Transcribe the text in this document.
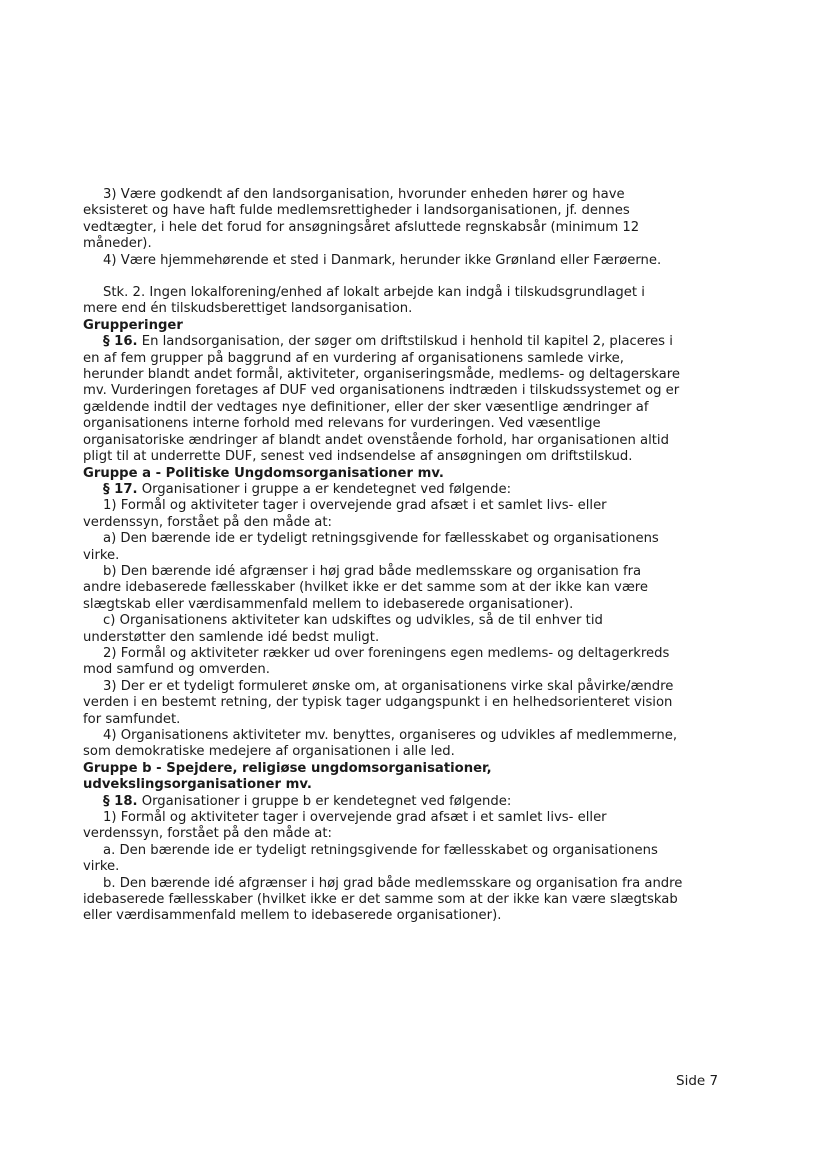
3) Være godkendt af den landsorganisation, hvorunder enheden hører og have eksisteret og have haft fulde medlemsrettigheder i landsorganisationen, jf. dennes vedtægter, i hele det forud for ansøgningsåret afsluttede regnskabsår (minimum 12 måneder).

4) Være hjemmehørende et sted i Danmark, herunder ikke Grønland eller Færøerne.

Stk. 2. Ingen lokalforening/enhed af lokalt arbejde kan indgå i tilskudsgrundlaget i mere end én tilskudsberettiget landsorganisation.

Grupperinger

§ 16. En landsorganisation, der søger om driftstilskud i henhold til kapitel 2, placeres i en af fem grupper på baggrund af en vurdering af organisationens samlede virke, herunder blandt andet formål, aktiviteter, organiseringsmåde, medlems- og deltagerskare mv. Vurderingen foretages af DUF ved organisationens indtræden i tilskudssystemet og er gældende indtil der vedtages nye definitioner, eller der sker væsentlige ændringer af organisationens interne forhold med relevans for vurderingen. Ved væsentlige organisatoriske ændringer af blandt andet ovenstående forhold, har organisationen altid pligt til at underrette DUF, senest ved indsendelse af ansøgningen om driftstilskud.

Gruppe a - Politiske Ungdomsorganisationer mv.

§ 17. Organisationer i gruppe a er kendetegnet ved følgende:

1) Formål og aktiviteter tager i overvejende grad afsæt i et samlet livs- eller verdenssyn, forstået på den måde at:

a) Den bærende ide er tydeligt retningsgivende for fællesskabet og organisationens virke.

b) Den bærende idé afgrænser i høj grad både medlemsskare og organisation fra andre idebaserede fællesskaber (hvilket ikke er det samme som at der ikke kan være slægtskab eller værdisammenfald mellem to idebaserede organisationer).

c) Organisationens aktiviteter kan udskiftes og udvikles, så de til enhver tid understøtter den samlende idé bedst muligt.

2) Formål og aktiviteter rækker ud over foreningens egen medlems- og deltagerkreds mod samfund og omverden.

3) Der er et tydeligt formuleret ønske om, at organisationens virke skal påvirke/ændre verden i en bestemt retning, der typisk tager udgangspunkt i en helhedsorienteret vision for samfundet.

4) Organisationens aktiviteter mv. benyttes, organiseres og udvikles af medlemmerne, som demokratiske medejere af organisationen i alle led.

Gruppe b - Spejdere, religiøse ungdomsorganisationer, udvekslingsorganisationer mv.

§ 18. Organisationer i gruppe b er kendetegnet ved følgende:

1) Formål og aktiviteter tager i overvejende grad afsæt i et samlet livs- eller verdenssyn, forstået på den måde at:

a. Den bærende ide er tydeligt retningsgivende for fællesskabet og organisationens virke.

b. Den bærende idé afgrænser i høj grad både medlemsskare og organisation fra andre idebaserede fællesskaber (hvilket ikke er det samme som at der ikke kan være slægtskab eller værdisammenfald mellem to idebaserede organisationer).

Side 7
